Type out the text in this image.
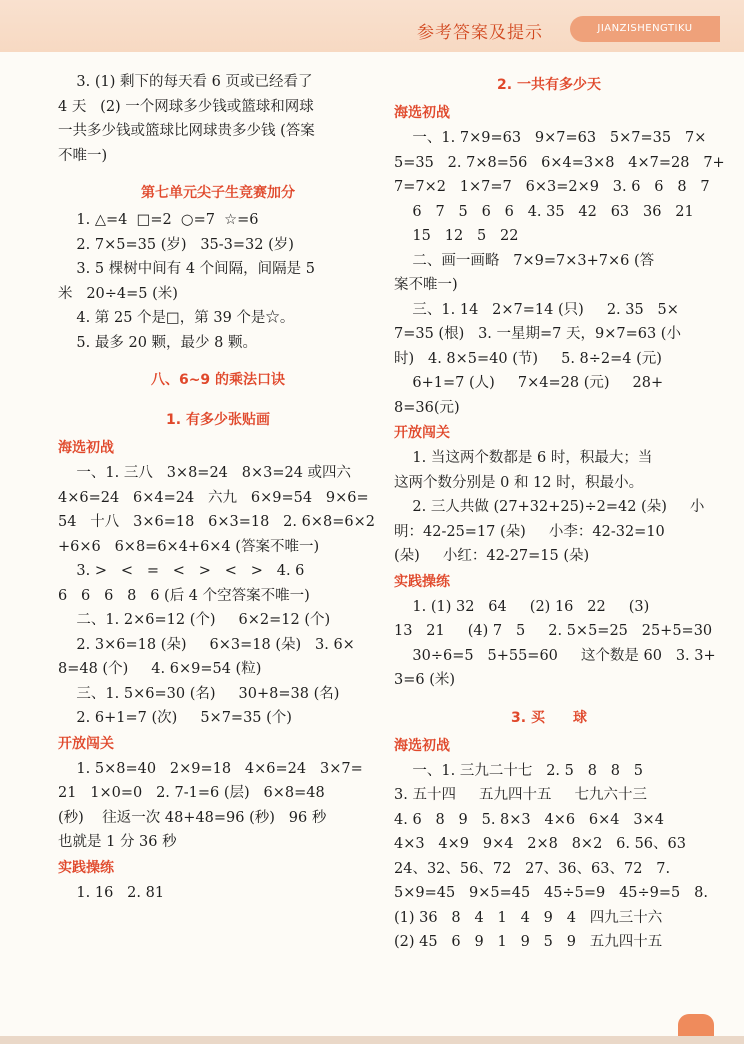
参考答案及提示	JIANZISHENGTIKU
3. (1) 剩下的每天看 6 页或已经看了
4 天   (2) 一个网球多少钱或篮球和网球
一共多少钱或篮球比网球贵多少钱 (答案
不唯一)
第七单元尖子生竞赛加分
1. △=4  □=2  ○=7  ☆=6
2. 7×5=35 (岁)   35-3=32 (岁)
3. 5 棵树中间有 4 个间隔，间隔是 5
米   20÷4=5 (米)
4. 第 25 个是□，第 39 个是☆。
5. 最多 20 颗，最少 8 颗。
八、6~9 的乘法口诀
1. 有多少张贴画
海选初战
一、1. 三八   3×8=24   8×3=24 或四六
4×6=24   6×4=24   六九   6×9=54   9×6=
54   十八   3×6=18   6×3=18   2. 6×8=6×2
+6×6   6×8=6×4+6×4 (答案不唯一)
3. >   <   =   <   >   <   >   4. 6
6   6   6   8   6 (后 4 个空答案不唯一)
二、1. 2×6=12 (个)     6×2=12 (个)
2. 3×6=18 (朵)     6×3=18 (朵)   3. 6×
8=48 (个)     4. 6×9=54 (粒)
三、1. 5×6=30 (名)     30+8=38 (名)
2. 6+1=7 (次)     5×7=35 (个)
开放闯关
1. 5×8=40   2×9=18   4×6=24   3×7=
21   1×0=0   2. 7-1=6 (层)   6×8=48
(秒)    往返一次 48+48=96 (秒)   96 秒
也就是 1 分 36 秒
实践操练
1. 16   2. 81
2. 一共有多少天
海选初战
一、1. 7×9=63   9×7=63   5×7=35   7×
5=35   2. 7×8=56   6×4=3×8   4×7=28   7+
7=7×2   1×7=7   6×3=2×9   3. 6   6   8   7
6   7   5   6   6   4. 35   42   63   36   21
15   12   5   22
二、画一画略   7×9=7×3+7×6 (答
案不唯一)
三、1. 14   2×7=14 (只)     2. 35   5×
7=35 (根)   3. 一星期=7 天，9×7=63 (小
时)   4. 8×5=40 (节)     5. 8÷2=4 (元)
6+1=7 (人)     7×4=28 (元)     28+
8=36(元)
开放闯关
1. 当这两个数都是 6 时，积最大；当
这两个数分别是 0 和 12 时，积最小。
2. 三人共做 (27+32+25)÷2=42 (朵)     小
明：42-25=17 (朵)     小李：42-32=10
(朵)     小红：42-27=15 (朵)
实践操练
1. (1) 32   64     (2) 16   22     (3)
13   21     (4) 7   5     2. 5×5=25   25+5=30
30÷6=5   5+55=60     这个数是 60   3. 3+
3=6 (米)
3. 买　　球
海选初战
一、1. 三九二十七   2. 5   8   8   5
3. 五十四     五九四十五     七九六十三
4. 6   8   9   5. 8×3   4×6   6×4   3×4
4×3   4×9   9×4   2×8   8×2   6. 56、63
24、32、56、72   27、36、63、72   7.
5×9=45   9×5=45   45÷5=9   45÷9=5   8.
(1) 36   8   4   1   4   9   4   四九三十六
(2) 45   6   9   1   9   5   9   五九四十五
